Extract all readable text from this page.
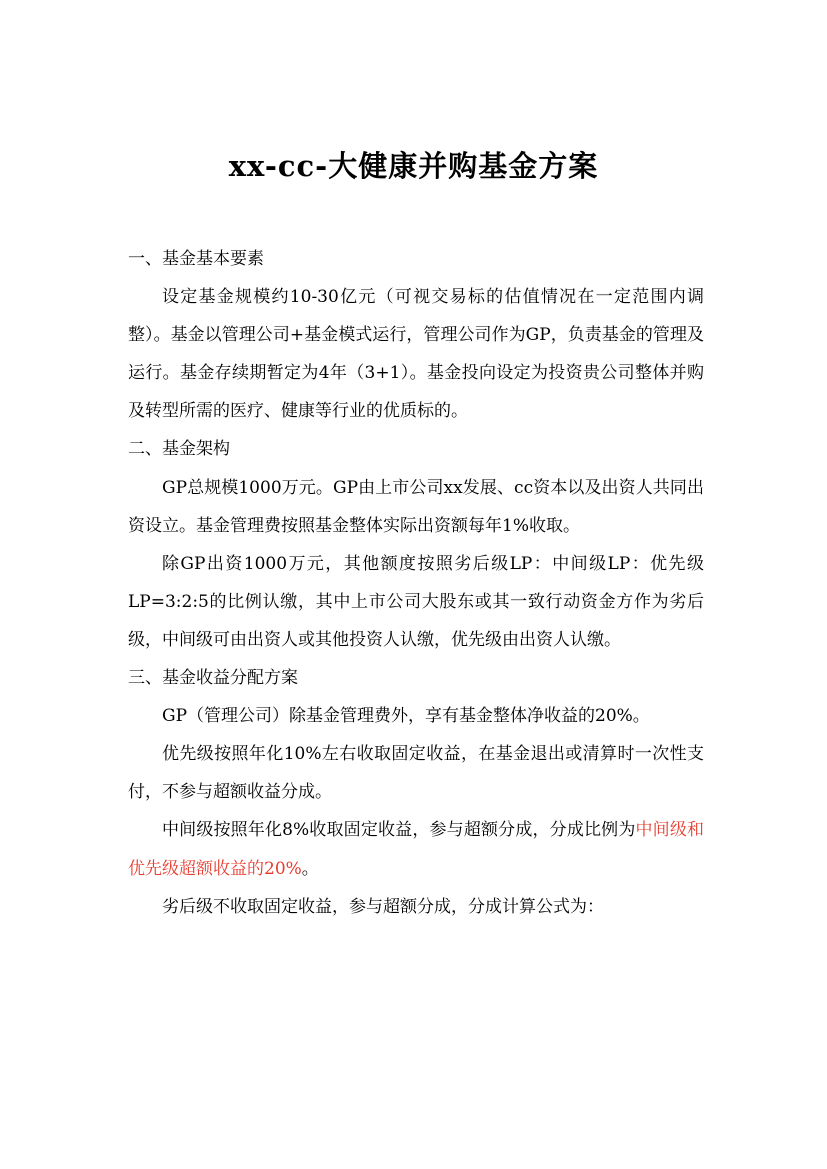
xx-cc-大健康并购基金方案

一、基金基本要素

设定基金规模约10-30亿元（可视交易标的估值情况在一定范围内调整）。基金以管理公司+基金模式运行，管理公司作为GP，负责基金的管理及运行。基金存续期暂定为4年（3+1）。基金投向设定为投资贵公司整体并购及转型所需的医疗、健康等行业的优质标的。

二、基金架构

GP总规模1000万元。GP由上市公司xx发展、cc资本以及出资人共同出资设立。基金管理费按照基金整体实际出资额每年1%收取。

除GP出资1000万元，其他额度按照劣后级LP：中间级LP：优先级LP=3:2:5的比例认缴，其中上市公司大股东或其一致行动资金方作为劣后级，中间级可由出资人或其他投资人认缴，优先级由出资人认缴。

三、基金收益分配方案

GP（管理公司）除基金管理费外，享有基金整体净收益的20%。

优先级按照年化10%左右收取固定收益，在基金退出或清算时一次性支付，不参与超额收益分成。

中间级按照年化8%收取固定收益，参与超额分成，分成比例为中间级和优先级超额收益的20%。

劣后级不收取固定收益，参与超额分成，分成计算公式为：
